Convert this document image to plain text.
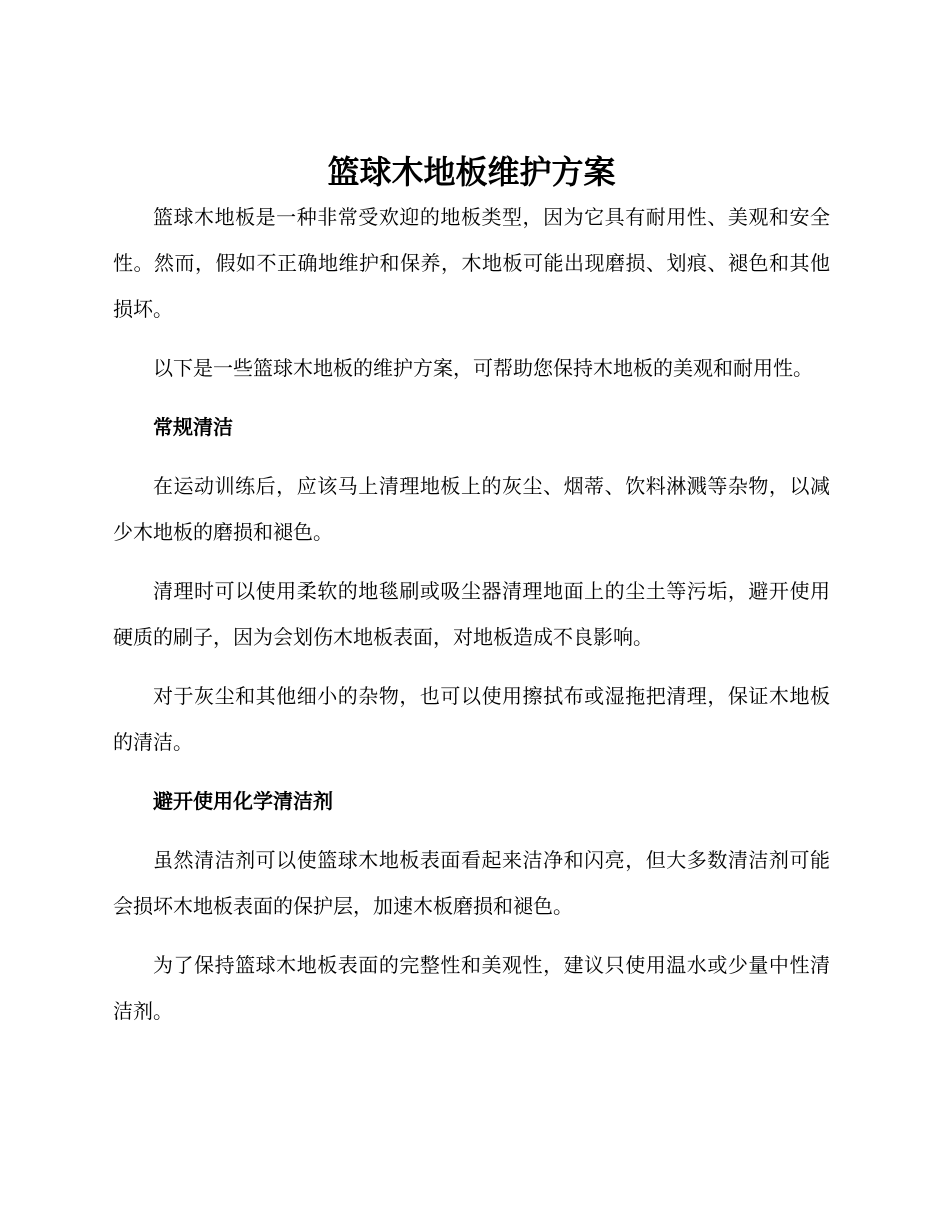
篮球木地板维护方案

篮球木地板是一种非常受欢迎的地板类型，因为它具有耐用性、美观和安全性。然而，假如不正确地维护和保养，木地板可能出现磨损、划痕、褪色和其他损坏。

以下是一些篮球木地板的维护方案，可帮助您保持木地板的美观和耐用性。

常规清洁

在运动训练后，应该马上清理地板上的灰尘、烟蒂、饮料淋溅等杂物，以减少木地板的磨损和褪色。

清理时可以使用柔软的地毯刷或吸尘器清理地面上的尘土等污垢，避开使用硬质的刷子，因为会划伤木地板表面，对地板造成不良影响。

对于灰尘和其他细小的杂物，也可以使用擦拭布或湿拖把清理，保证木地板的清洁。

避开使用化学清洁剂

虽然清洁剂可以使篮球木地板表面看起来洁净和闪亮，但大多数清洁剂可能会损坏木地板表面的保护层，加速木板磨损和褪色。

为了保持篮球木地板表面的完整性和美观性，建议只使用温水或少量中性清洁剂。
